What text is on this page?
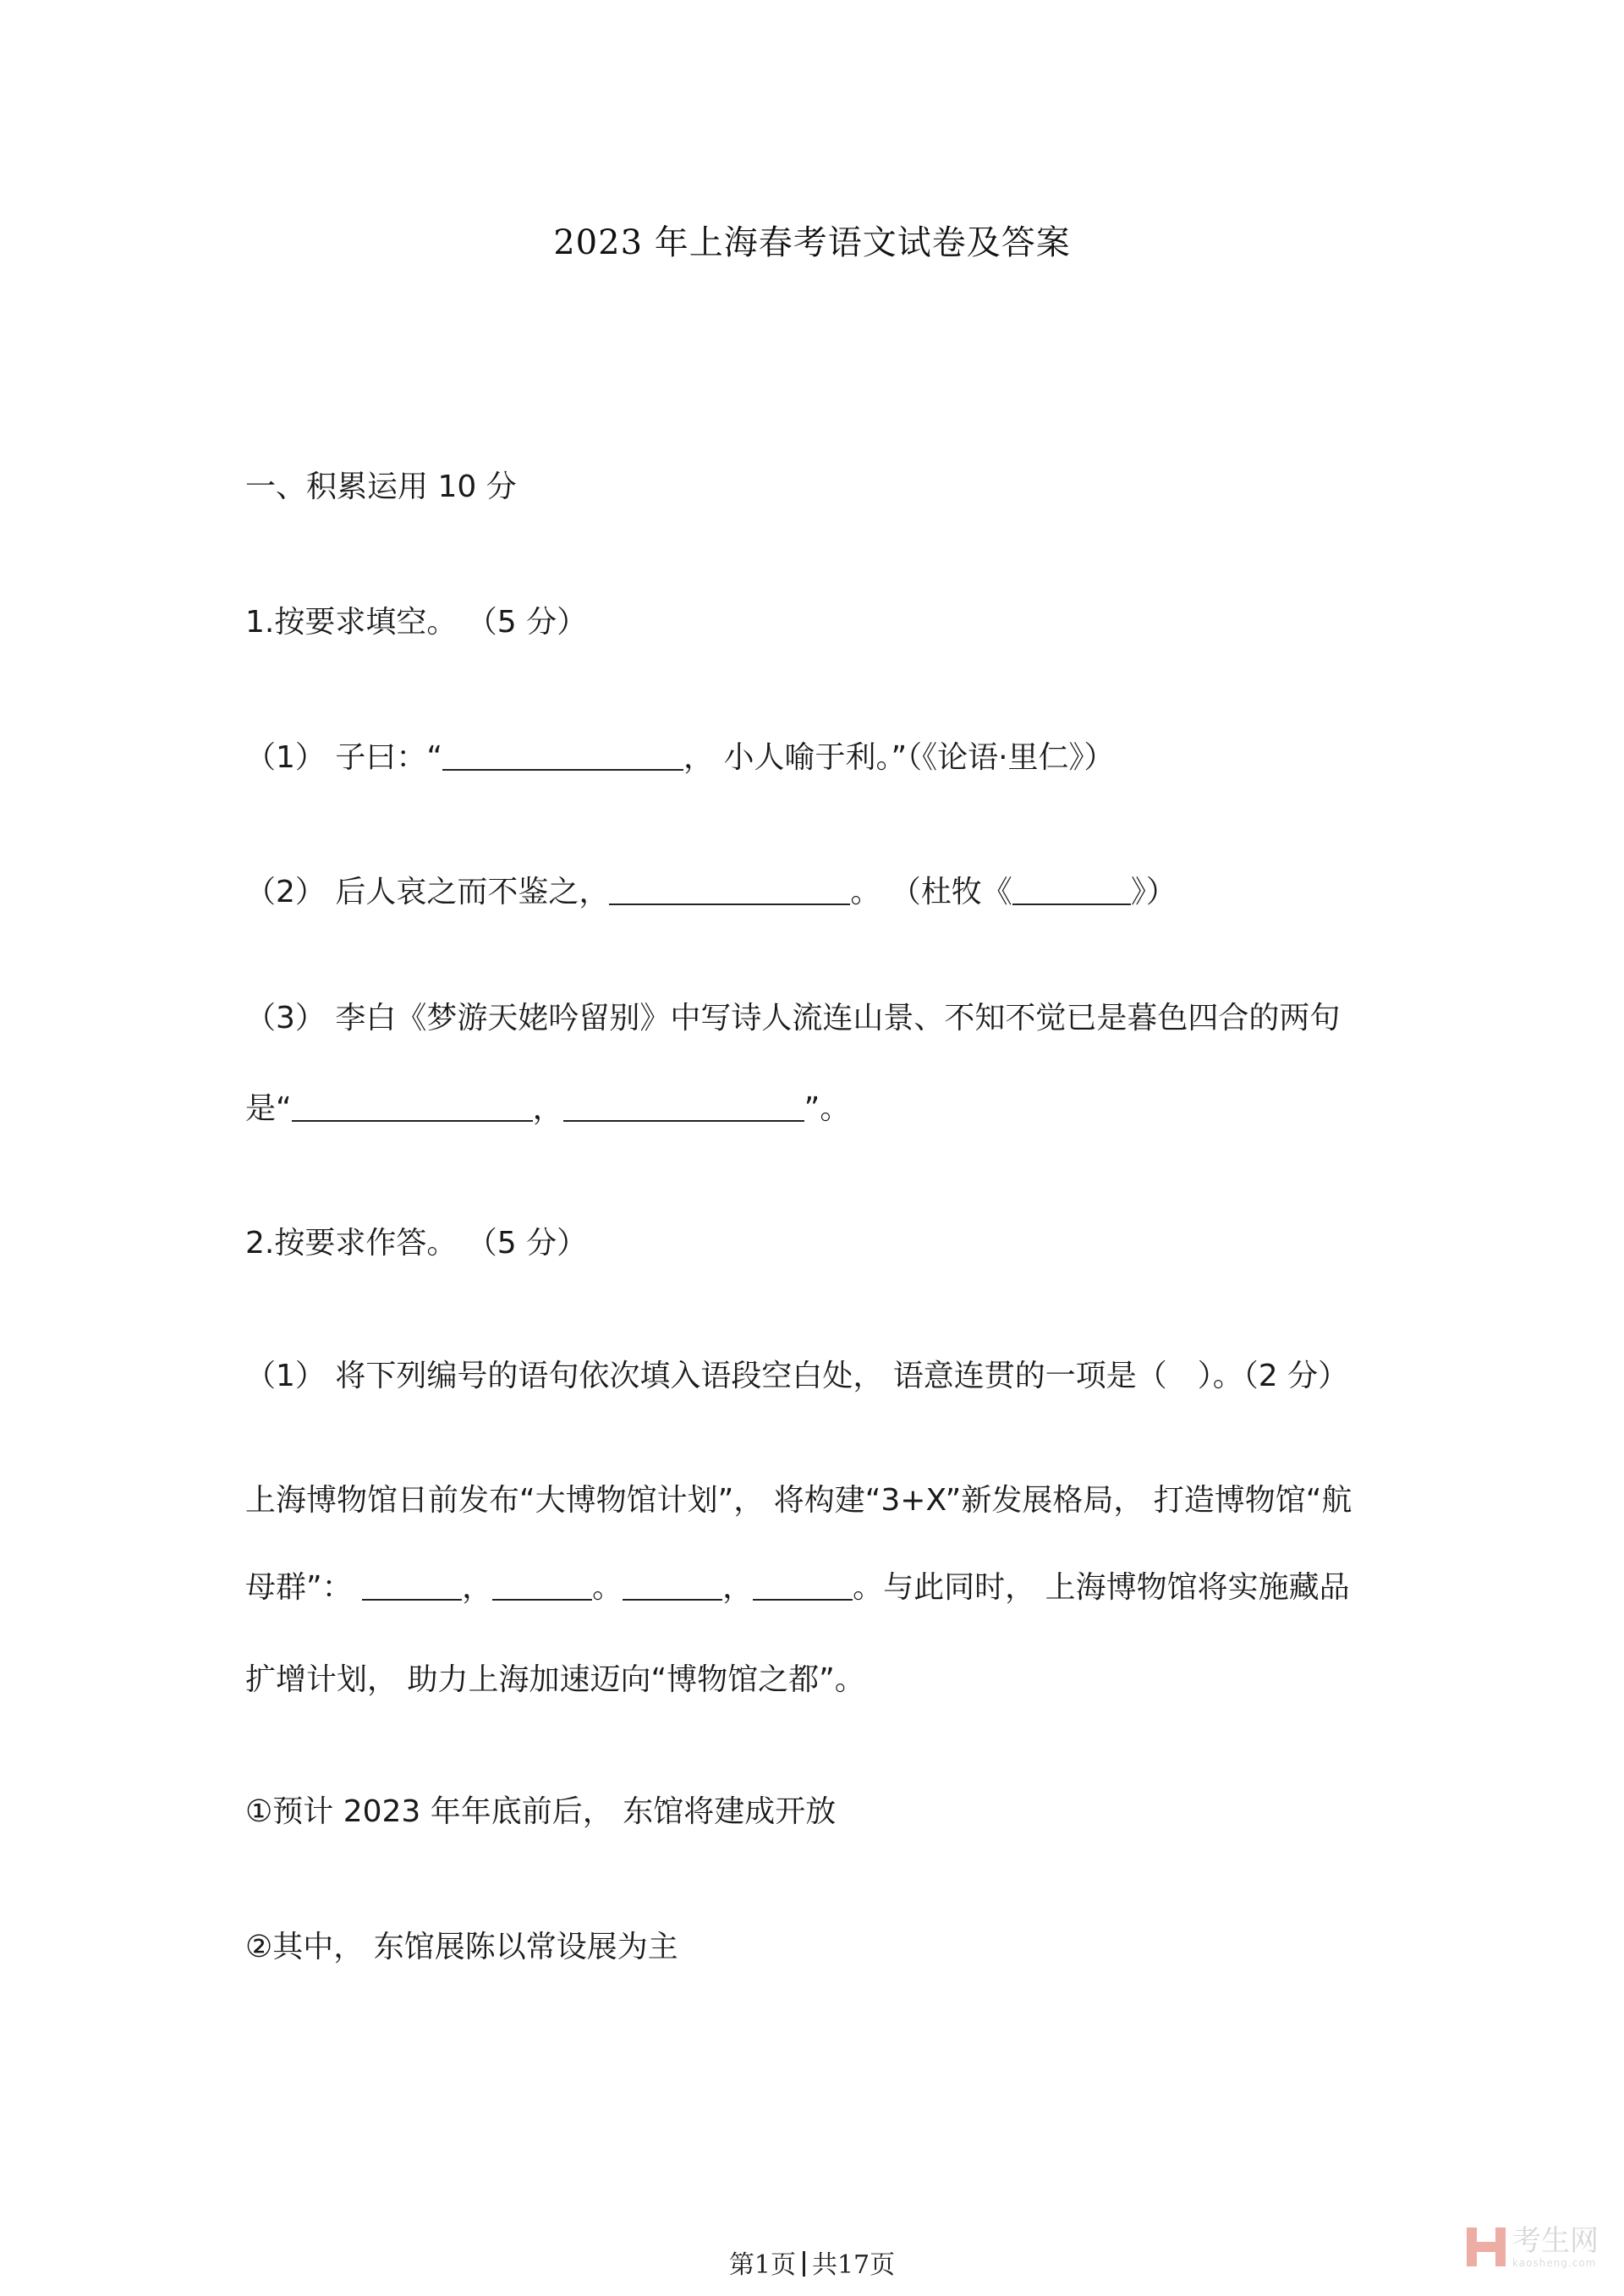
2023 年上海春考语文试卷及答案
一、积累运用 10 分
1.按要求填空。 （5 分）
（1） 子曰：“	， 小人喻于利。”（《论语·里仁》）
（2） 后人哀之而不鉴之，	。 （杜牧《	》）
（3） 李白《梦游天姥吟留别》中写诗人流连山景、不知不觉已是暮色四合的两句
是“	，	”。
2.按要求作答。 （5 分）
（1） 将下列编号的语句依次填入语段空白处， 语意连贯的一项是（　）。（2 分）
上海博物馆日前发布“大博物馆计划”， 将构建“3+X”新发展格局， 打造博物馆“航
母群”：	，	。	，	。与此同时， 上海博物馆将实施藏品
扩增计划， 助力上海加速迈向“博物馆之都”。
①预计 2023 年年底前后， 东馆将建成开放
②其中， 东馆展陈以常设展为主
第1页 共17页
考生网
kaosheng.com
